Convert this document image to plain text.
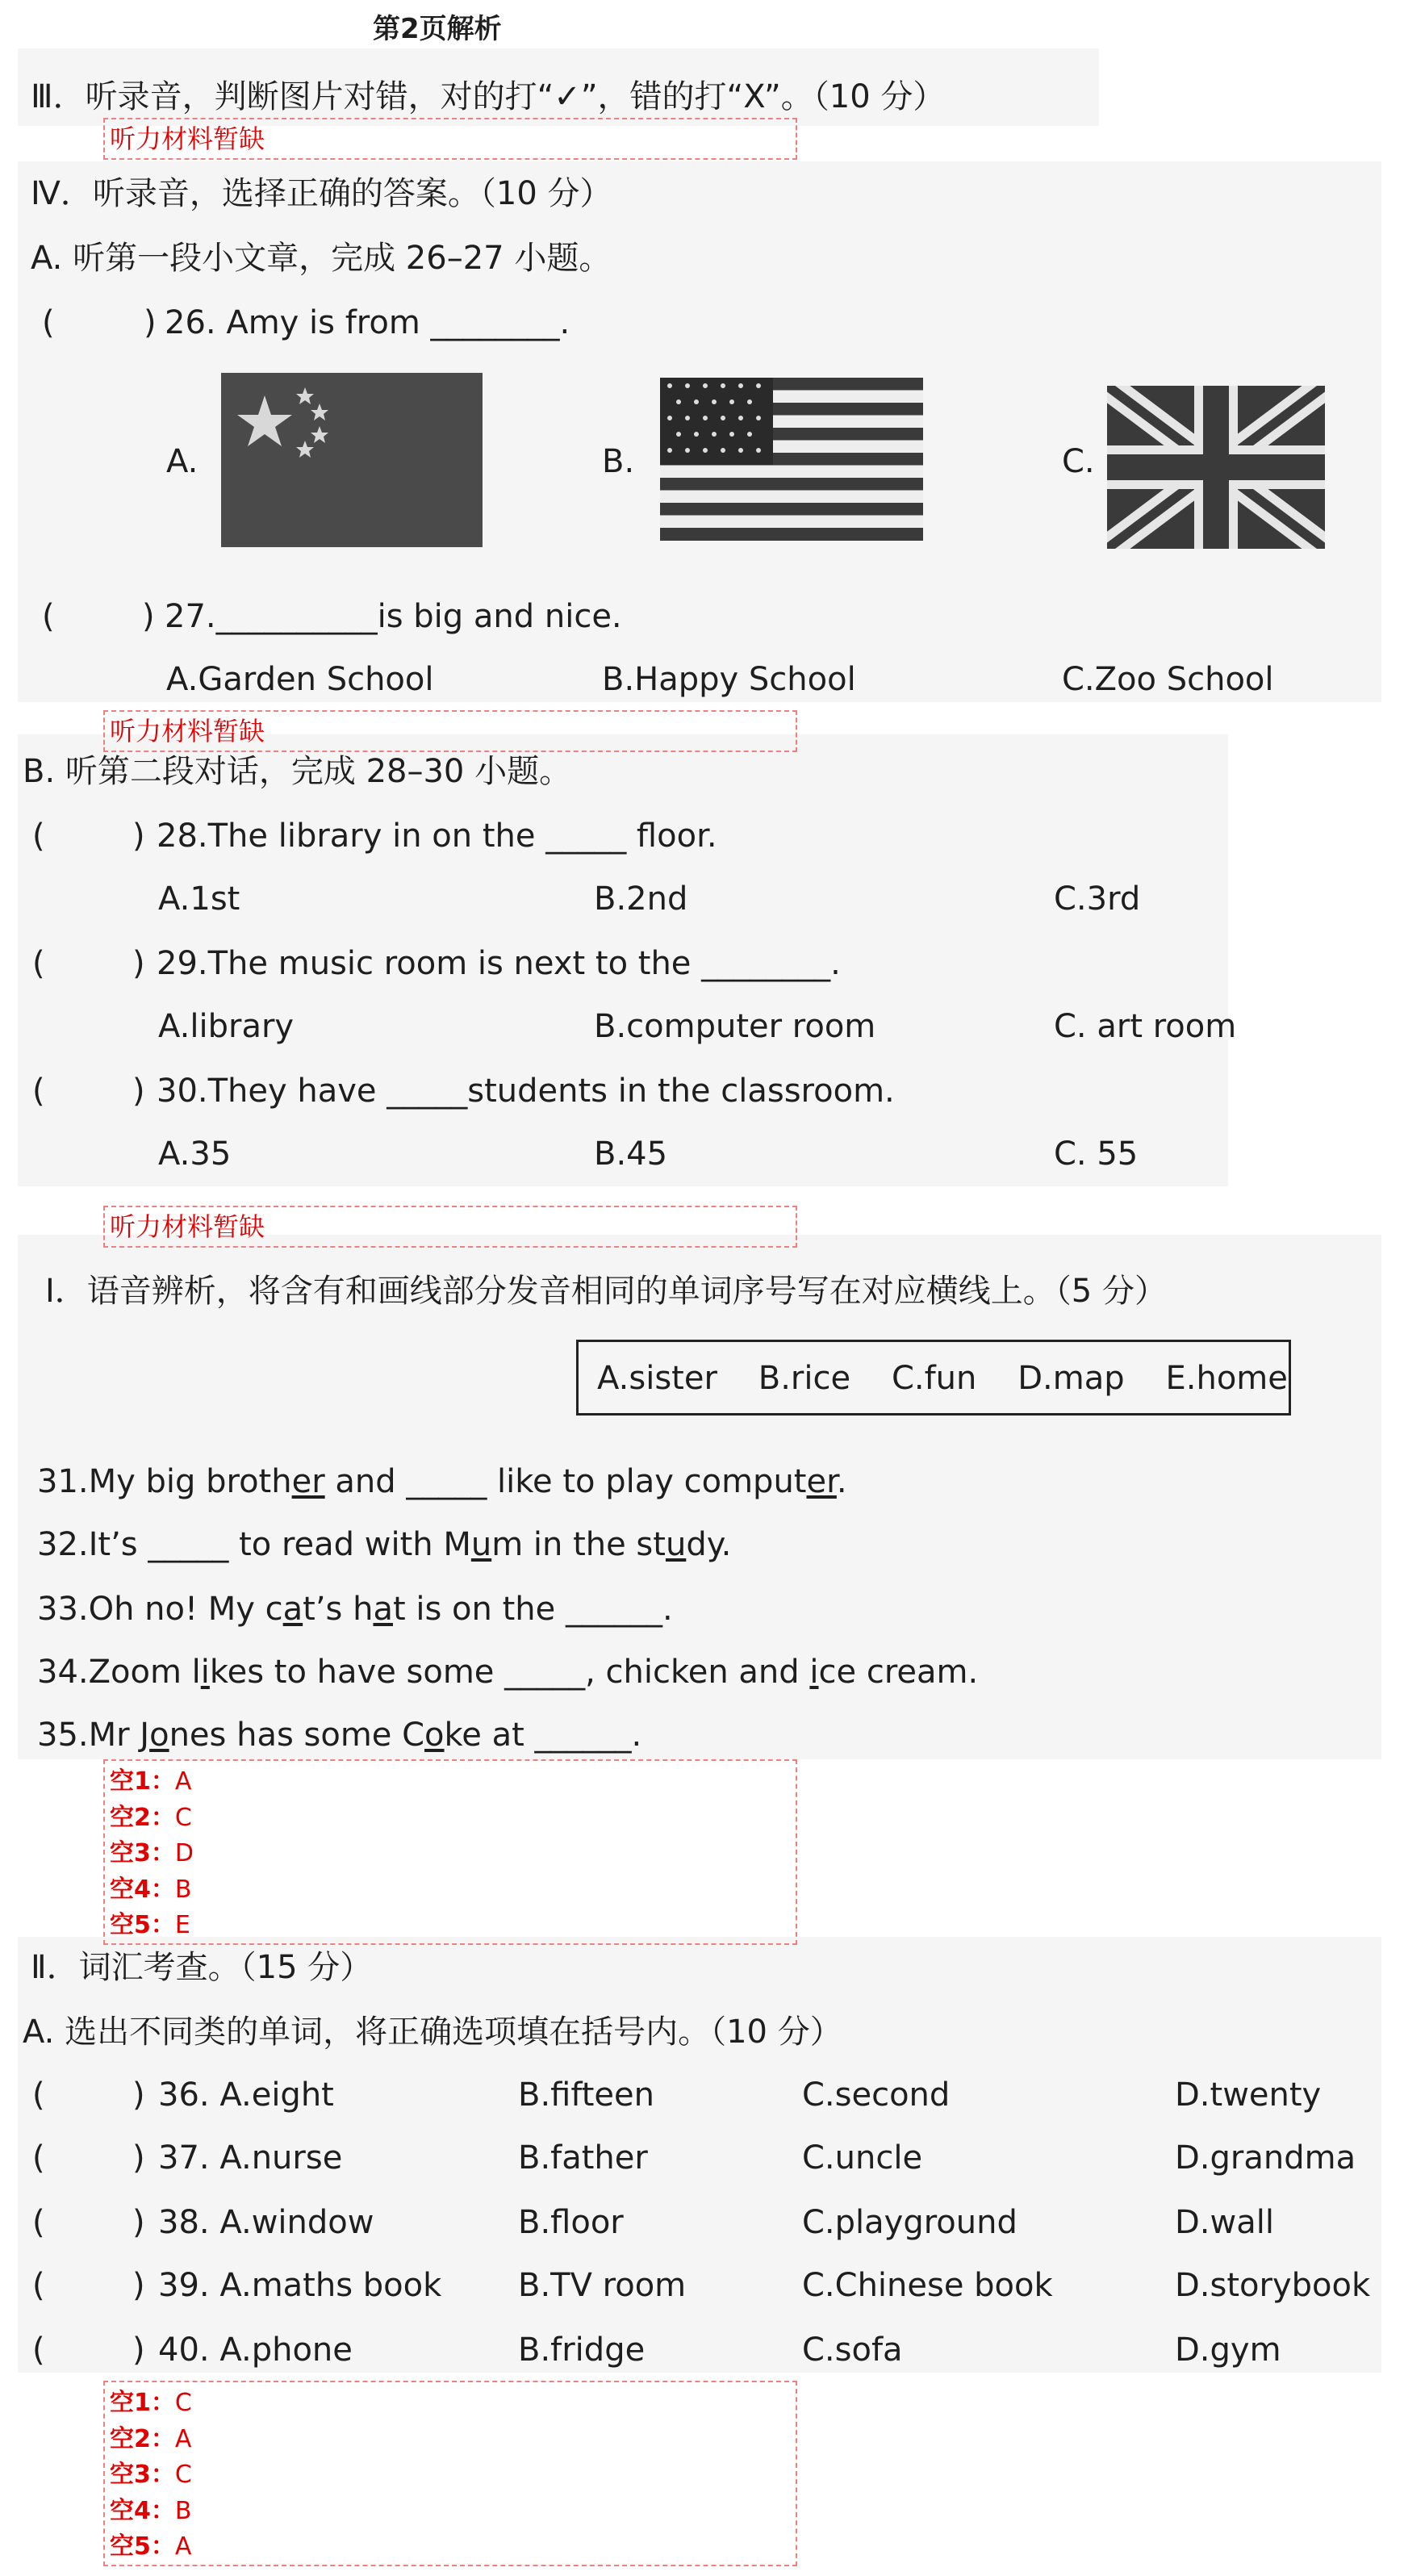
第2页解析
Ⅲ．听录音，判断图片对错，对的打“✓”，错的打“X”。（10 分）
听力材料暂缺
Ⅳ．听录音，选择正确的答案。（10 分）
A. 听第一段小文章，完成 26–27 小题。
(	) 26. Amy is from ________.
A.	B.	C.
(	) 27.__________is big and nice.
A.Garden School	B.Happy School	C.Zoo School
听力材料暂缺
B. 听第二段对话，完成 28–30 小题。
(	) 28.The library in on the _____ floor.
A.1st	B.2nd	C.3rd
(	) 29.The music room is next to the ________.
A.library	B.computer room	C. art room
(	) 30.They have _____students in the classroom.
A.35	B.45	C. 55
听力材料暂缺
Ⅰ．语音辨析，将含有和画线部分发音相同的单词序号写在对应横线上。（5 分）
A.sister    B.rice    C.fun    D.map    E.home
31.My big brother and _____ like to play computer.
32.It’s _____ to read with Mum in the study.
33.Oh no! My cat’s hat is on the ______.
34.Zoom likes to have some _____, chicken and ice cream.
35.Mr Jones has some Coke at ______.
空1：A
空2：C
空3：D
空4：B
空5：E
Ⅱ．词汇考查。（15 分）
A. 选出不同类的单词，将正确选项填在括号内。（10 分）
(	) 36. A.eight	B.fifteen	C.second	D.twenty
(	) 37. A.nurse	B.father	C.uncle	D.grandma
(	) 38. A.window	B.floor	C.playground	D.wall
(	) 39. A.maths book B.TV room	C.Chinese book	D.storybook
(	) 40. A.phone	B.fridge	C.sofa	D.gym
空1：C
空2：A
空3：C
空4：B
空5：A
